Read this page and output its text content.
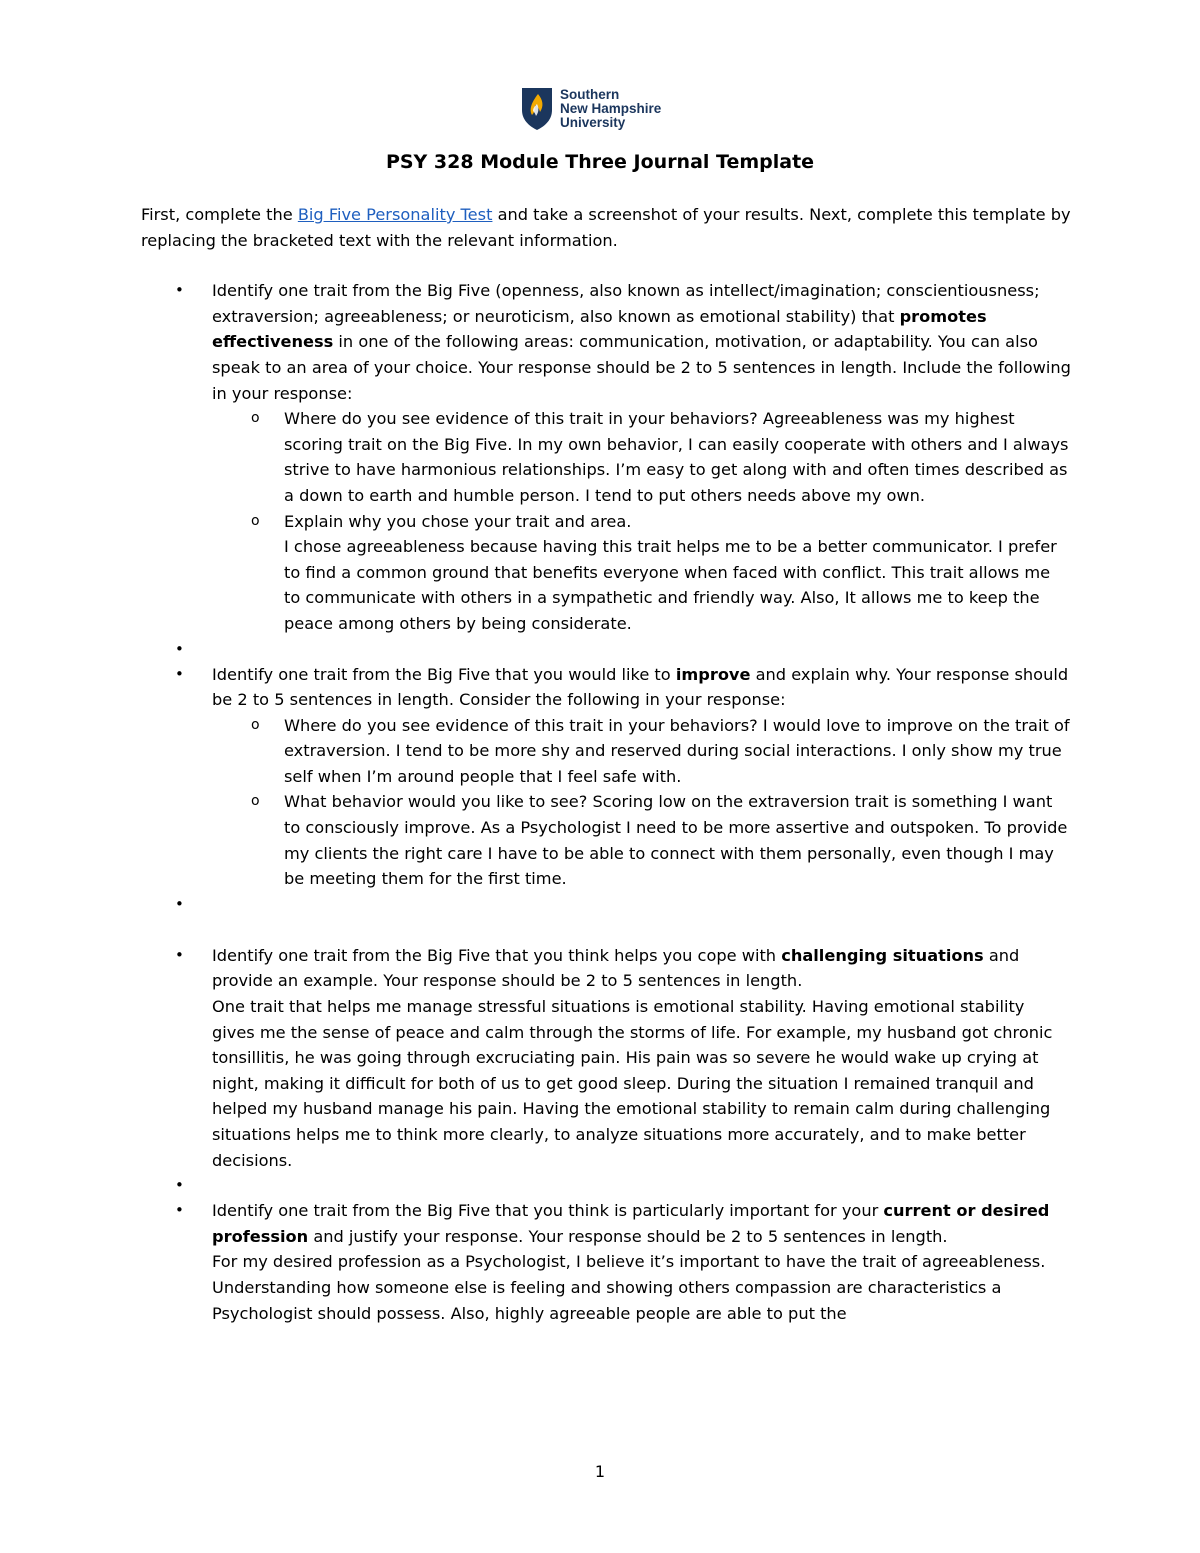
Southern
New Hampshire
University
PSY 328 Module Three Journal Template

First, complete the Big Five Personality Test and take a screenshot of your results. Next, complete this template by replacing the bracketed text with the relevant information.

• Identify one trait from the Big Five (openness, also known as intellect/imagination; conscientiousness; extraversion; agreeableness; or neuroticism, also known as emotional stability) that promotes effectiveness in one of the following areas: communication, motivation, or adaptability. You can also speak to an area of your choice. Your response should be 2 to 5 sentences in length. Include the following in your response:
o Where do you see evidence of this trait in your behaviors? Agreeableness was my highest scoring trait on the Big Five. In my own behavior, I can easily cooperate with others and I always strive to have harmonious relationships. I’m easy to get along with and often times described as a down to earth and humble person. I tend to put others needs above my own.
o Explain why you chose your trait and area.
I chose agreeableness because having this trait helps me to be a better communicator. I prefer to find a common ground that benefits everyone when faced with conflict. This trait allows me to communicate with others in a sympathetic and friendly way. Also, It allows me to keep the peace among others by being considerate.
•
• Identify one trait from the Big Five that you would like to improve and explain why. Your response should be 2 to 5 sentences in length. Consider the following in your response:
o Where do you see evidence of this trait in your behaviors? I would love to improve on the trait of extraversion. I tend to be more shy and reserved during social interactions. I only show my true self when I’m around people that I feel safe with.
o What behavior would you like to see? Scoring low on the extraversion trait is something I want to consciously improve. As a Psychologist I need to be more assertive and outspoken. To provide my clients the right care I have to be able to connect with them personally, even though I may be meeting them for the first time.
•
• Identify one trait from the Big Five that you think helps you cope with challenging situations and provide an example. Your response should be 2 to 5 sentences in length.
One trait that helps me manage stressful situations is emotional stability. Having emotional stability gives me the sense of peace and calm through the storms of life. For example, my husband got chronic tonsillitis, he was going through excruciating pain. His pain was so severe he would wake up crying at night, making it difficult for both of us to get good sleep. During the situation I remained tranquil and helped my husband manage his pain. Having the emotional stability to remain calm during challenging situations helps me to think more clearly, to analyze situations more accurately, and to make better decisions.
•
• Identify one trait from the Big Five that you think is particularly important for your current or desired profession and justify your response. Your response should be 2 to 5 sentences in length.
For my desired profession as a Psychologist, I believe it’s important to have the trait of agreeableness. Understanding how someone else is feeling and showing others compassion are characteristics a Psychologist should possess. Also, highly agreeable people are able to put the
1
